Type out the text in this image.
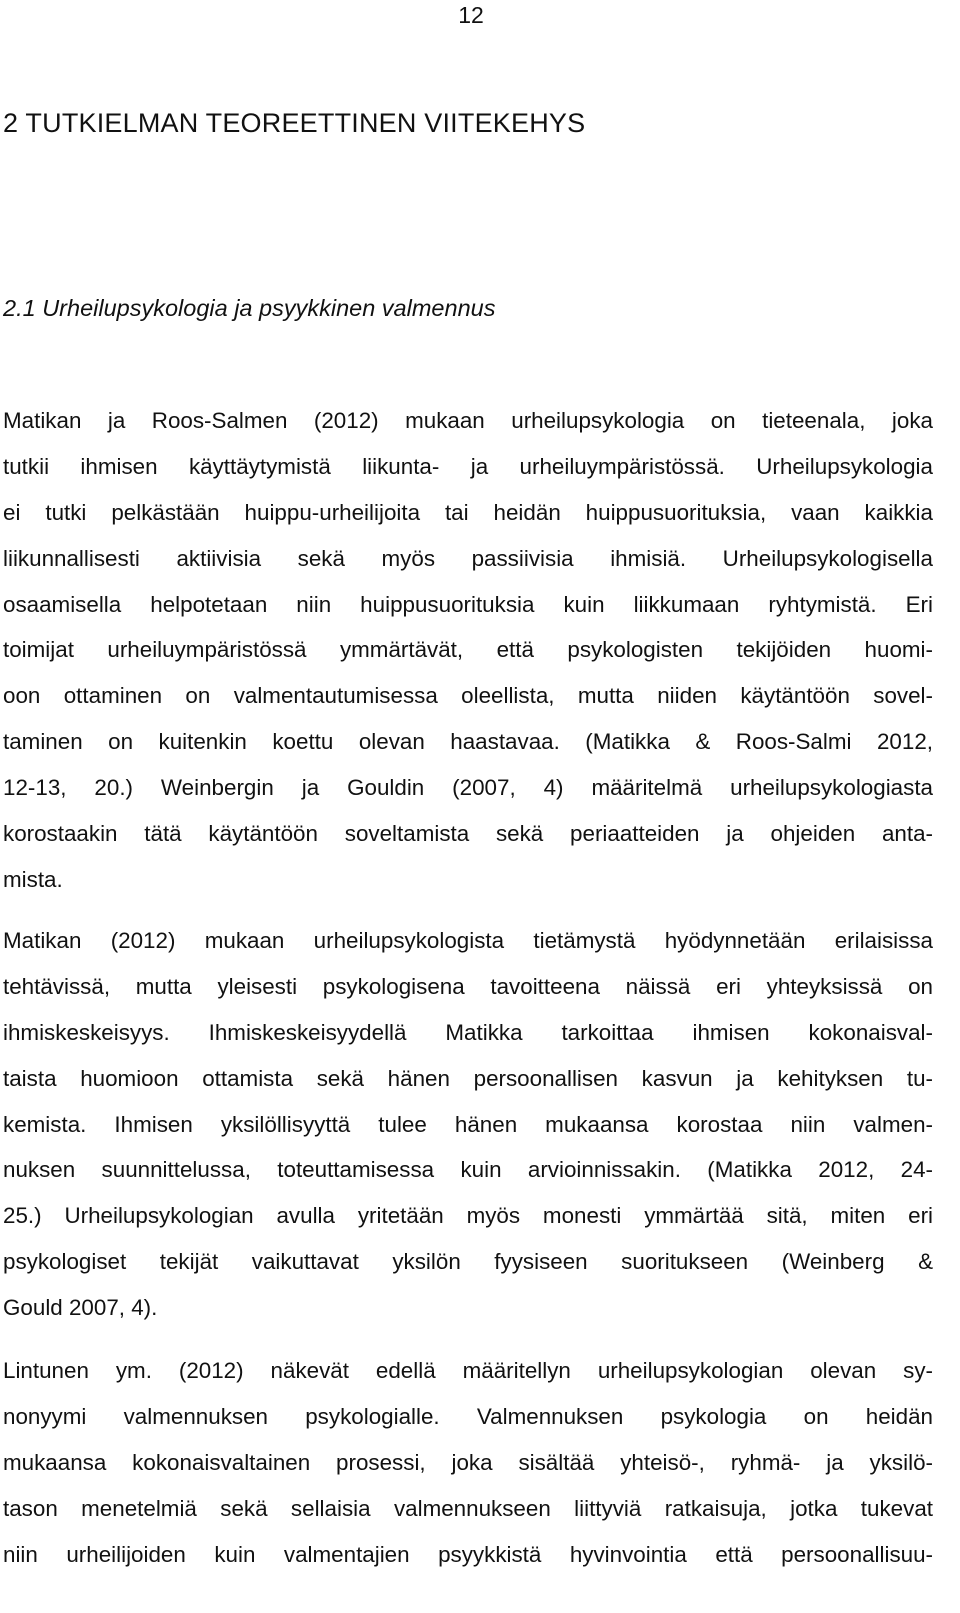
12
2 TUTKIELMAN TEOREETTINEN VIITEKEHYS
2.1 Urheilupsykologia ja psyykkinen valmennus
Matikan ja Roos-Salmen (2012) mukaan urheilupsykologia on tieteenala, joka
tutkii ihmisen käyttäytymistä liikunta- ja urheiluympäristössä. Urheilupsykologia
ei tutki pelkästään huippu-urheilijoita tai heidän huippusuorituksia, vaan kaikkia
liikunnallisesti aktiivisia sekä myös passiivisia ihmisiä. Urheilupsykologisella
osaamisella helpotetaan niin huippusuorituksia kuin liikkumaan ryhtymistä. Eri
toimijat urheiluympäristössä ymmärtävät, että psykologisten tekijöiden huomi-
oon ottaminen on valmentautumisessa oleellista, mutta niiden käytäntöön sovel-
taminen on kuitenkin koettu olevan haastavaa. (Matikka & Roos-Salmi 2012,
12-13, 20.) Weinbergin ja Gouldin (2007, 4) määritelmä urheilupsykologiasta
korostaakin tätä käytäntöön soveltamista sekä periaatteiden ja ohjeiden anta-
mista.
Matikan (2012) mukaan urheilupsykologista tietämystä hyödynnetään erilaisissa
tehtävissä, mutta yleisesti psykologisena tavoitteena näissä eri yhteyksissä on
ihmiskeskeisyys. Ihmiskeskeisyydellä Matikka tarkoittaa ihmisen kokonaisval-
taista huomioon ottamista sekä hänen persoonallisen kasvun ja kehityksen tu-
kemista. Ihmisen yksilöllisyyttä tulee hänen mukaansa korostaa niin valmen-
nuksen suunnittelussa, toteuttamisessa kuin arvioinnissakin. (Matikka 2012, 24-
25.) Urheilupsykologian avulla yritetään myös monesti ymmärtää sitä, miten eri
psykologiset tekijät vaikuttavat yksilön fyysiseen suoritukseen (Weinberg &
Gould 2007, 4).
Lintunen ym. (2012) näkevät edellä määritellyn urheilupsykologian olevan sy-
nonyymi valmennuksen psykologialle. Valmennuksen psykologia on heidän
mukaansa kokonaisvaltainen prosessi, joka sisältää yhteisö-, ryhmä- ja yksilö-
tason menetelmiä sekä sellaisia valmennukseen liittyviä ratkaisuja, jotka tukevat
niin urheilijoiden kuin valmentajien psyykkistä hyvinvointia että persoonallisuu-
